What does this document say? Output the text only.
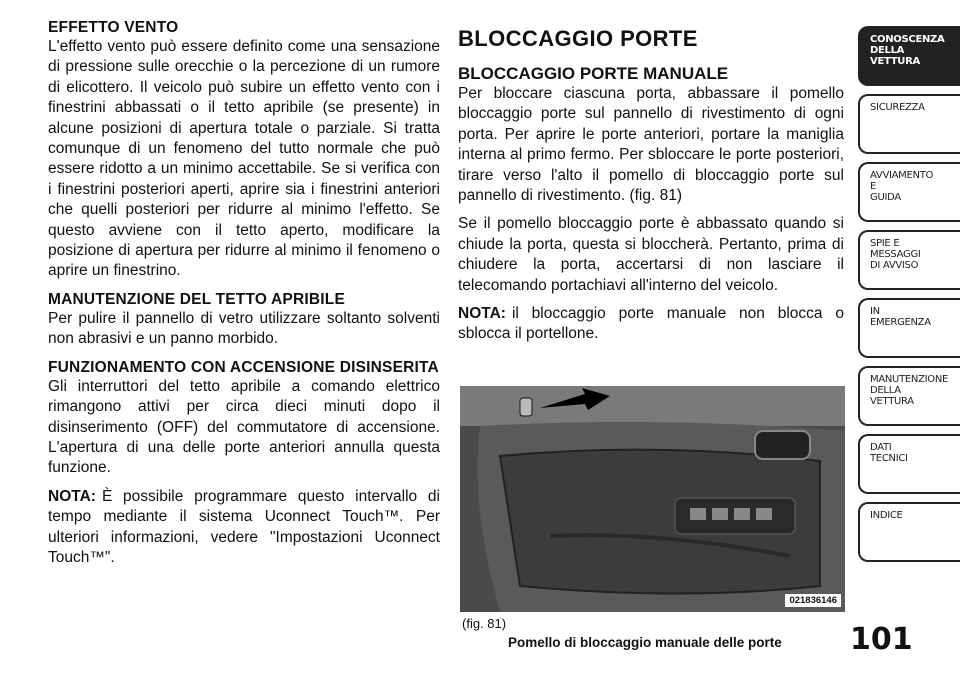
EFFETTO VENTO

L'effetto vento può essere definito come una sensazione di pressione sulle orecchie o la percezione di un rumore di elicottero. Il veicolo può subire un effetto vento con i finestrini abbassati o il tetto apribile (se presente) in alcune posizioni di apertura totale o parziale. Si tratta comunque di un fenomeno del tutto normale che può essere ridotto a un minimo accettabile. Se si verifica con i finestrini posteriori aperti, aprire sia i finestrini anteriori che quelli posteriori per ridurre al minimo l'effetto. Se questo avviene con il tetto aperto, modificare la posizione di apertura per ridurre al minimo il fenomeno o aprire un finestrino.

MANUTENZIONE DEL TETTO APRIBILE

Per pulire il pannello di vetro utilizzare soltanto solventi non abrasivi e un panno morbido.

FUNZIONAMENTO CON ACCENSIONE DISINSERITA

Gli interruttori del tetto apribile a comando elettrico rimangono attivi per circa dieci minuti dopo il disinserimento (OFF) del commutatore di accensione. L'apertura di una delle porte anteriori annulla questa funzione.

NOTA: È possibile programmare questo intervallo di tempo mediante il sistema Uconnect Touch™. Per ulteriori informazioni, vedere "Impostazioni Uconnect Touch™".

BLOCCAGGIO PORTE

BLOCCAGGIO PORTE MANUALE

Per bloccare ciascuna porta, abbassare il pomello bloccaggio porte sul pannello di rivestimento di ogni porta. Per aprire le porte anteriori, portare la maniglia interna al primo fermo. Per sbloccare le porte posteriori, tirare verso l'alto il pomello di bloccaggio porte sul pannello di rivestimento. (fig. 81)

Se il pomello bloccaggio porte è abbassato quando si chiude la porta, questa si bloccherà. Pertanto, prima di chiudere la porta, accertarsi di non lasciare il telecomando portachiavi all'interno del veicolo.

NOTA: il bloccaggio porte manuale non blocca o sblocca il portellone.

021836146
(fig. 81)
Pomello di bloccaggio manuale delle porte 101
CONOSCENZA
DELLA
VETTURA
SICUREZZA
AVVIAMENTO
E
GUIDA
SPIE E
MESSAGGI
DI AVVISO
IN
EMERGENZA
MANUTENZIONE
DELLA
VETTURA
DATI
TECNICI
INDICE
